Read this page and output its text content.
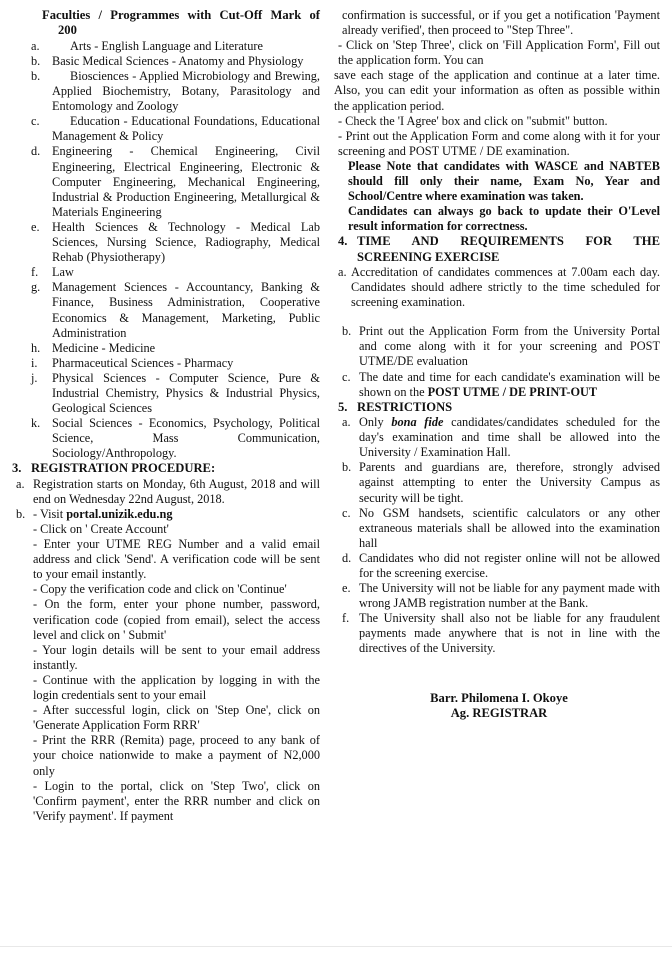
Faculties / Programmes with Cut-Off Mark of
200
a.	Arts - English Language and Literature
b. Basic Medical Sciences - Anatomy and Physiology
b.	Biosciences - Applied Microbiology and Brewing, Applied Biochemistry, Botany, Parasitology and Entomology and Zoology
c.	Education - Educational Foundations, Educational Management & Policy
d. Engineering - Chemical Engineering, Civil Engineering, Electrical Engineering, Electronic & Computer Engineering, Mechanical Engineering, Industrial & Production Engineering, Metallurgical & Materials Engineering
e.	Health Sciences & Technology - Medical Lab Sciences, Nursing Science, Radiography, Medical Rehab (Physiotherapy)
f.	Law
g. Management Sciences - Accountancy, Banking & Finance, Business Administration, Cooperative Economics & Management, Marketing, Public Administration
h. Medicine - Medicine
i.	Pharmaceutical Sciences - Pharmacy
j.	Physical Sciences - Computer Science, Pure & Industrial Chemistry, Physics & Industrial Physics, Geological Sciences
k. Social Sciences - Economics, Psychology, Political Science, Mass Communication, Sociology/Anthropology.
3. REGISTRATION PROCEDURE:
a. Registration starts on Monday, 6th August, 2018 and will end on Wednesday 22nd August, 2018.
b. - Visit portal.unizik.edu.ng

- Click on ' Create Account'

- Enter your UTME REG Number and a valid email address and click 'Send'. A verification code will be sent to your email instantly.

- Copy the verification code and click on 'Continue'

- On the form, enter your phone number, password, verification code (copied from email), select the access level and click on ' Submit'

- Your login details will be sent to your email address instantly.

- Continue with the application by logging in with the login credentials sent to your email

- After successful login, click on 'Step One', click on 'Generate Application Form RRR'

- Print the RRR (Remita) page, proceed to any bank of your choice nationwide to make a payment of N2,000 only

- Login to the portal, click on 'Step Two', click on 'Confirm payment', enter the RRR number and click on 'Verify payment'. If payment

confirmation is successful, or if you get a notification 'Payment already verified', then proceed to "Step Three".

- Click on 'Step Three', click on 'Fill Application Form', Fill out the application form. You can

save each stage of the application and continue at a later time. Also, you can edit your information as often as possible within the application period.

- Check the 'I Agree' box and click on "submit" button.

- Print out the Application Form and come along with it for your screening and POST UTME / DE examination.

Please Note that candidates with WASCE and NABTEB should fill only their name, Exam No, Year and School/Centre where examination was taken.

Candidates can always go back to update their O'Level result information for correctness.

4. TIME AND REQUIREMENTS FOR THE
SCREENING EXERCISE
a. Accreditation of candidates commences at 7.00am each day. Candidates should adhere strictly to the time scheduled for screening examination.
b. Print out the Application Form from the University Portal and come along with it for your screening and POST UTME/DE evaluation
c. The date and time for each candidate's examination will be shown on the POST UTME / DE PRINT-OUT
5. RESTRICTIONS
a. Only bona fide candidates/candidates scheduled for the day's examination and time shall be allowed into the University / Examination Hall.
b. Parents and guardians are, therefore, strongly advised against attempting to enter the University Campus as security will be tight.
c. No GSM handsets, scientific calculators or any other extraneous materials shall be allowed into the examination hall
d. Candidates who did not register online will not be allowed for the screening exercise.
e. The University will not be liable for any payment made with wrong JAMB registration number at the Bank.
f. The University shall also not be liable for any fraudulent payments made anywhere that is not in line with the directives of the University.
Barr. Philomena I. Okoye
Ag. REGISTRAR
